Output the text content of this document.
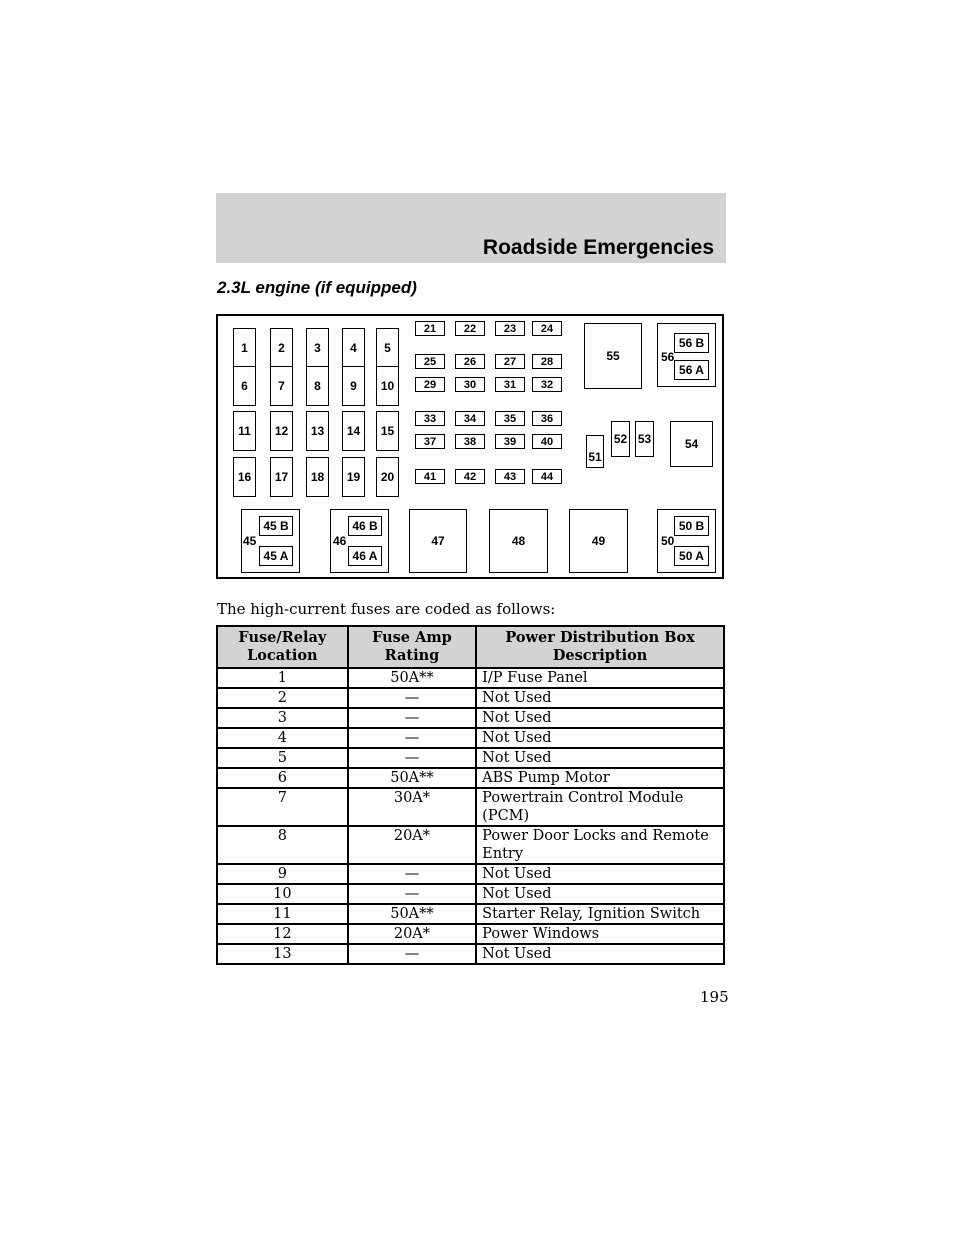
Roadside Emergencies
2.3L engine (if equipped)
1	2	3	4	5
6	7	8	9	10
11	12	13	14	15
16	17	18	19	20
21	22	23	24
25	26	27	28
29	30	31	32
33	34	35	36
37	38	39	40
41	42	43	44
55
51
52 53	54
56
56 B
56 A
45
45 B
45 A
46
46 B
46 A
47	48	49	50
50 B
50 A
The high-current fuses are coded as follows:
Fuse/Relay Location	Fuse Amp Rating	Power Distribution Box Description
1	50A**	I/P Fuse Panel
2	—	Not Used
3	—	Not Used
4	—	Not Used
5	—	Not Used
6	50A**	ABS Pump Motor
7	30A*	Powertrain Control Module (PCM)
8	20A*	Power Door Locks and Remote Entry
9	—	Not Used
10	—	Not Used
11	50A**	Starter Relay, Ignition Switch
12	20A*	Power Windows
13	—	Not Used
195
